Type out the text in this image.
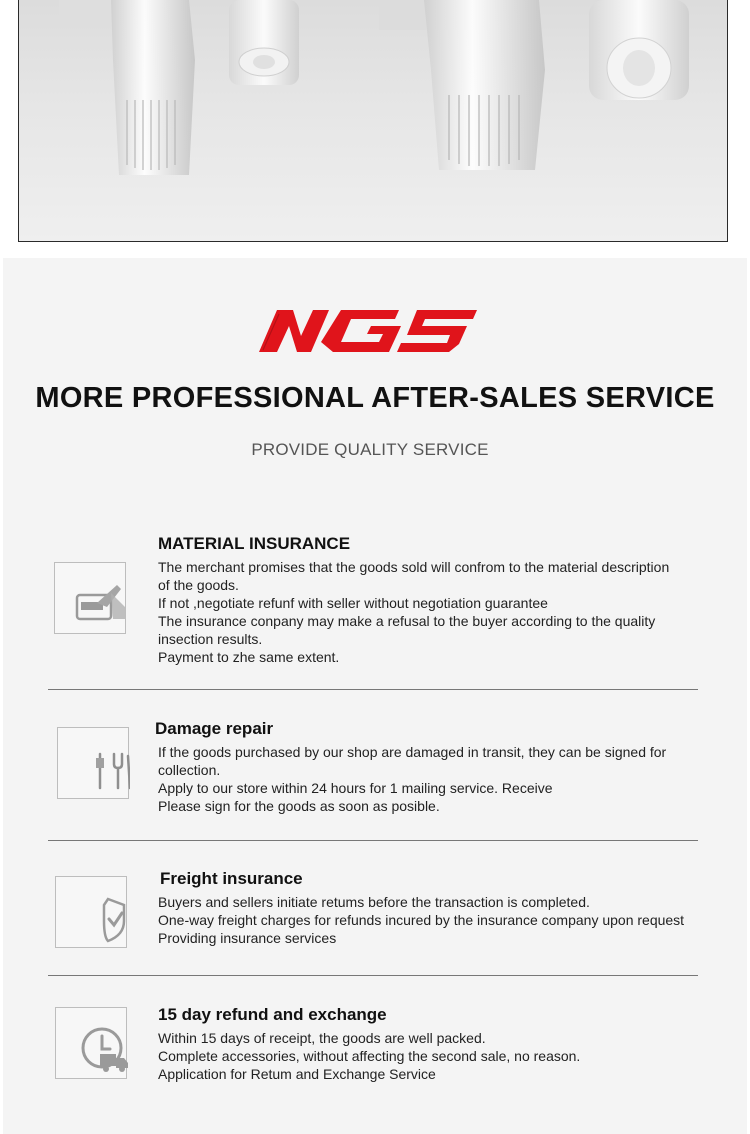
MORE PROFESSIONAL AFTER-SALES SERVICE
PROVIDE QUALITY SERVICE
MATERIAL INSURANCE
The merchant promises that the goods sold will confrom to the material description
of the goods.
If not ,negotiate refunf with seller without negotiation guarantee
The insurance conpany may make a refusal to the buyer according to the quality
insection results.
Payment to zhe same extent.
Damage repair
If the goods purchased by our shop are damaged in transit, they can be signed for
collection.
Apply to our store within 24 hours for 1 mailing service. Receive
Please sign for the goods as soon as posible.
Freight insurance
Buyers and sellers initiate retums before the transaction is completed.
One-way freight charges for refunds incured by the insurance company upon request
Providing insurance services
15 day refund and exchange
Within 15 days of receipt, the goods are well packed.
Complete accessories, without affecting the second sale, no reason.
Application for Retum and Exchange Service
